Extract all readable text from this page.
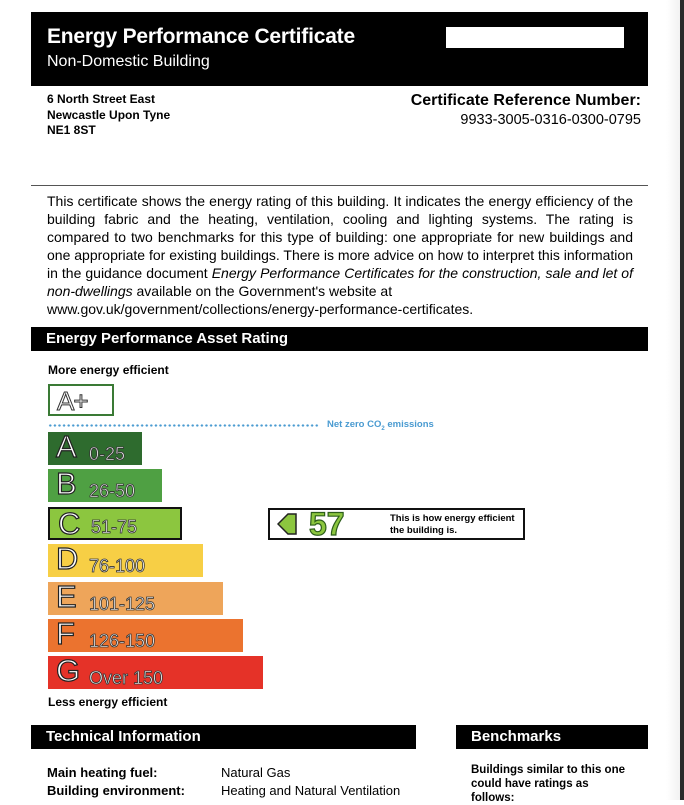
Energy Performance Certificate
Non-Domestic Building
6 North Street East
Newcastle Upon Tyne
NE1 8ST
Certificate Reference Number:
9933-3005-0316-0300-0795
This certificate shows the energy rating of this building. It indicates the energy efficiency of the building fabric and the heating, ventilation, cooling and lighting systems. The rating is compared to two benchmarks for this type of building: one appropriate for new buildings and one appropriate for existing buildings. There is more advice on how to interpret this information in the guidance document Energy Performance Certificates for the construction, sale and let of non-dwellings available on the Government's website at
www.gov.uk/government/collections/energy-performance-certificates.
Energy Performance Asset Rating
More energy efficient
A+
Net zero $CO_2$ emissions
A 0-25
B 26-50
C 51-75
D 76-100
E 101-125
F 126-150
G Over 150
57	This is how energy efficient
the building is.
Less energy efficient
Technical Information	Benchmarks
Main heating fuel:	Natural Gas
Building environment:	Heating and Natural Ventilation
Buildings similar to this one could have ratings as follows:
